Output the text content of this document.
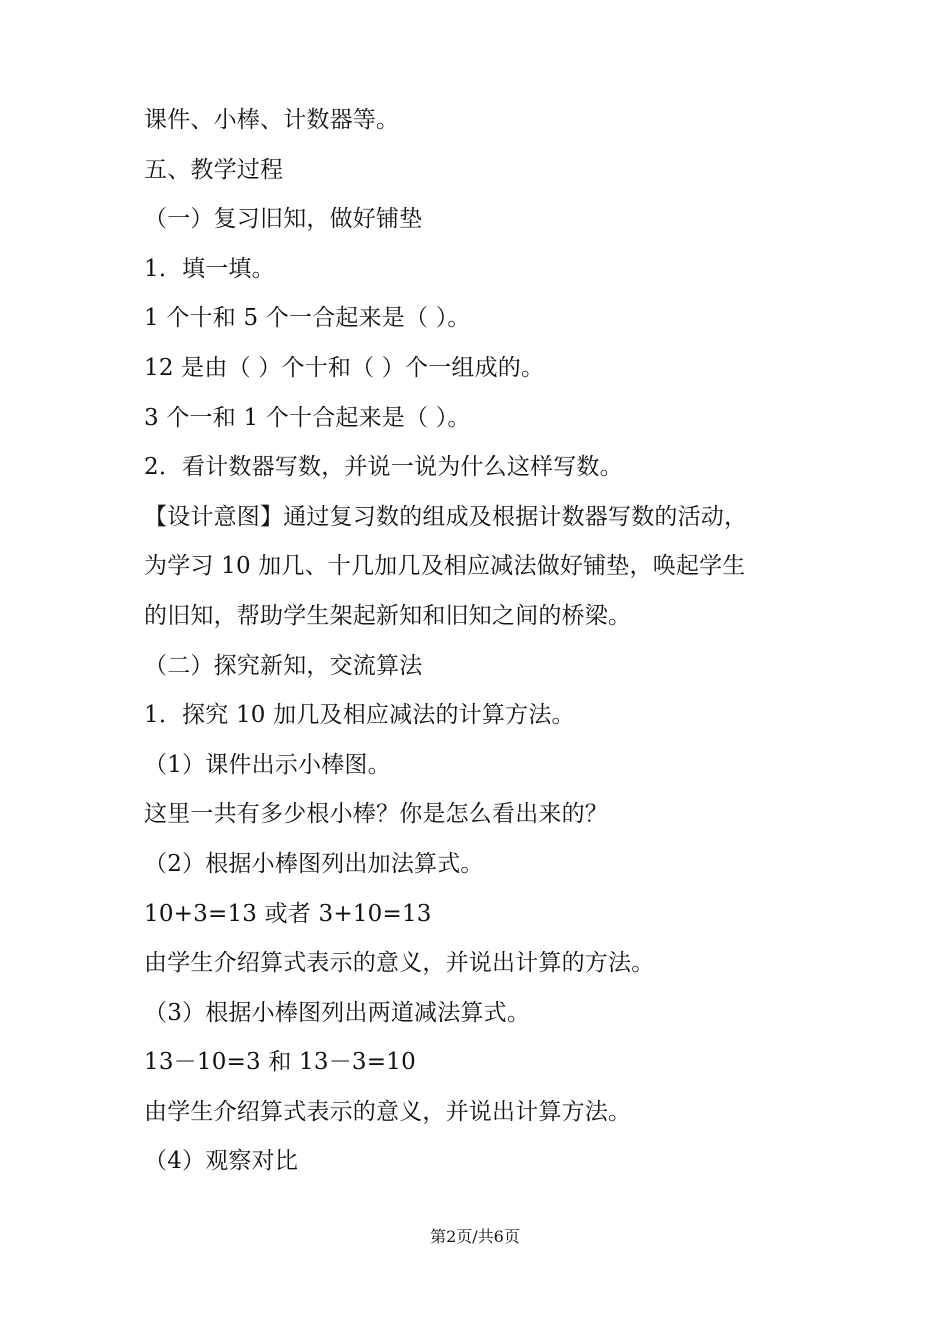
课件、小棒、计数器等。
五、教学过程
（一）复习旧知，做好铺垫
1．填一填。
1 个十和 5 个一合起来是（ ）。
12 是由（ ）个十和（ ）个一组成的。
3 个一和 1 个十合起来是（ ）。
2．看计数器写数，并说一说为什么这样写数。
【设计意图】通过复习数的组成及根据计数器写数的活动，
为学习 10 加几、十几加几及相应减法做好铺垫，唤起学生
的旧知，帮助学生架起新知和旧知之间的桥梁。
（二）探究新知，交流算法
1．探究 10 加几及相应减法的计算方法。
（1）课件出示小棒图。
这里一共有多少根小棒？你是怎么看出来的？
（2）根据小棒图列出加法算式。
10+3=13 或者 3+10=13
由学生介绍算式表示的意义，并说出计算的方法。
（3）根据小棒图列出两道减法算式。
13－10=3 和 13－3=10
由学生介绍算式表示的意义，并说出计算方法。
（4）观察对比
第2页/共6页
